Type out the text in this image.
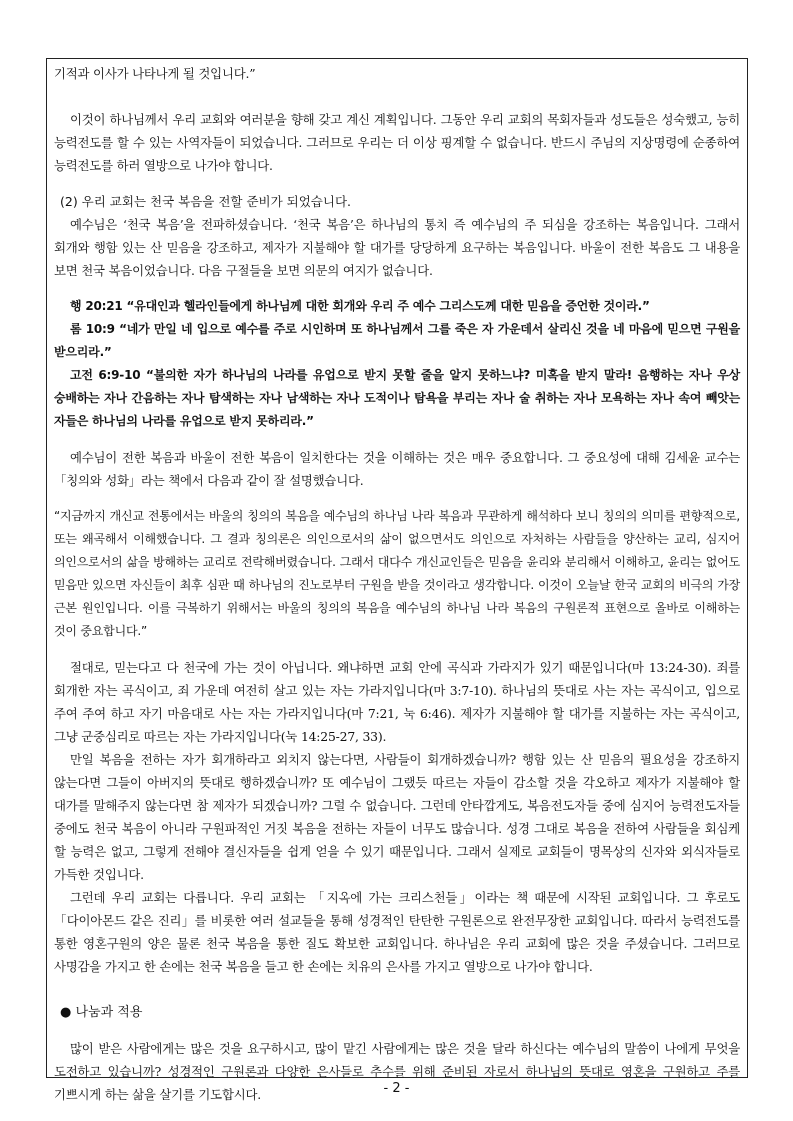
기적과 이사가 나타나게 될 것입니다.”

이것이 하나님께서 우리 교회와 여러분을 향해 갖고 계신 계획입니다. 그동안 우리 교회의 목회자들과 성도들은 성숙했고, 능히 능력전도를 할 수 있는 사역자들이 되었습니다. 그러므로 우리는 더 이상 핑계할 수 없습니다. 반드시 주님의 지상명령에 순종하여 능력전도를 하러 열방으로 나가야 합니다.

(2) 우리 교회는 천국 복음을 전할 준비가 되었습니다.

예수님은 ‘천국 복음’을 전파하셨습니다. ‘천국 복음’은 하나님의 통치 즉 예수님의 주 되심을 강조하는 복음입니다. 그래서 회개와 행함 있는 산 믿음을 강조하고, 제자가 지불해야 할 대가를 당당하게 요구하는 복음입니다. 바울이 전한 복음도 그 내용을 보면 천국 복음이었습니다. 다음 구절들을 보면 의문의 여지가 없습니다.

행 20:21 “유대인과 헬라인들에게 하나님께 대한 회개와 우리 주 예수 그리스도께 대한 믿음을 증언한 것이라.”

롬 10:9 “네가 만일 네 입으로 예수를 주로 시인하며 또 하나님께서 그를 죽은 자 가운데서 살리신 것을 네 마음에 믿으면 구원을 받으리라.”

고전 6:9-10 “불의한 자가 하나님의 나라를 유업으로 받지 못할 줄을 알지 못하느냐? 미혹을 받지 말라! 음행하는 자나 우상 숭배하는 자나 간음하는 자나 탐색하는 자나 남색하는 자나 도적이나 탐욕을 부리는 자나 술 취하는 자나 모욕하는 자나 속여 빼앗는 자들은 하나님의 나라를 유업으로 받지 못하리라.”

예수님이 전한 복음과 바울이 전한 복음이 일치한다는 것을 이해하는 것은 매우 중요합니다. 그 중요성에 대해 김세윤 교수는 「칭의와 성화」라는 책에서 다음과 같이 잘 설명했습니다.

“지금까지 개신교 전통에서는 바울의 칭의의 복음을 예수님의 하나님 나라 복음과 무관하게 해석하다 보니 칭의의 의미를 편향적으로, 또는 왜곡해서 이해했습니다. 그 결과 칭의론은 의인으로서의 삶이 없으면서도 의인으로 자처하는 사람들을 양산하는 교리, 심지어 의인으로서의 삶을 방해하는 교리로 전락해버렸습니다. 그래서 대다수 개신교인들은 믿음을 윤리와 분리해서 이해하고, 윤리는 없어도 믿음만 있으면 자신들이 최후 심판 때 하나님의 진노로부터 구원을 받을 것이라고 생각합니다. 이것이 오늘날 한국 교회의 비극의 가장 근본 원인입니다. 이를 극복하기 위해서는 바울의 칭의의 복음을 예수님의 하나님 나라 복음의 구원론적 표현으로 올바로 이해하는 것이 중요합니다.”

절대로, 믿는다고 다 천국에 가는 것이 아닙니다. 왜냐하면 교회 안에 곡식과 가라지가 있기 때문입니다(마 13:24-30). 죄를 회개한 자는 곡식이고, 죄 가운데 여전히 살고 있는 자는 가라지입니다(마 3:7-10). 하나님의 뜻대로 사는 자는 곡식이고, 입으로 주여 주여 하고 자기 마음대로 사는 자는 가라지입니다(마 7:21, 눅 6:46). 제자가 지불해야 할 대가를 지불하는 자는 곡식이고, 그냥 군중심리로 따르는 자는 가라지입니다(눅 14:25-27, 33).

만일 복음을 전하는 자가 회개하라고 외치지 않는다면, 사람들이 회개하겠습니까? 행함 있는 산 믿음의 필요성을 강조하지 않는다면 그들이 아버지의 뜻대로 행하겠습니까? 또 예수님이 그랬듯 따르는 자들이 감소할 것을 각오하고 제자가 지불해야 할 대가를 말해주지 않는다면 참 제자가 되겠습니까? 그럴 수 없습니다. 그런데 안타깝게도, 복음전도자들 중에 심지어 능력전도자들 중에도 천국 복음이 아니라 구원파적인 거짓 복음을 전하는 자들이 너무도 많습니다. 성경 그대로 복음을 전하여 사람들을 회심케 할 능력은 없고, 그렇게 전해야 결신자들을 쉽게 얻을 수 있기 때문입니다. 그래서 실제로 교회들이 명목상의 신자와 외식자들로 가득한 것입니다.

그런데 우리 교회는 다릅니다. 우리 교회는 「지옥에 가는 크리스천들」이라는 책 때문에 시작된 교회입니다. 그 후로도 「다이아몬드 같은 진리」를 비롯한 여러 설교들을 통해 성경적인 탄탄한 구원론으로 완전무장한 교회입니다. 따라서 능력전도를 통한 영혼구원의 양은 물론 천국 복음을 통한 질도 확보한 교회입니다. 하나님은 우리 교회에 많은 것을 주셨습니다. 그러므로 사명감을 가지고 한 손에는 천국 복음을 들고 한 손에는 치유의 은사를 가지고 열방으로 나가야 합니다.

● 나눔과 적용

많이 받은 사람에게는 많은 것을 요구하시고, 많이 맡긴 사람에게는 많은 것을 달라 하신다는 예수님의 말씀이 나에게 무엇을 도전하고 있습니까? 성경적인 구원론과 다양한 은사들로 추수를 위해 준비된 자로서 하나님의 뜻대로 영혼을 구원하고 주를 기쁘시게 하는 삶을 살기를 기도합시다.	- 2 -
